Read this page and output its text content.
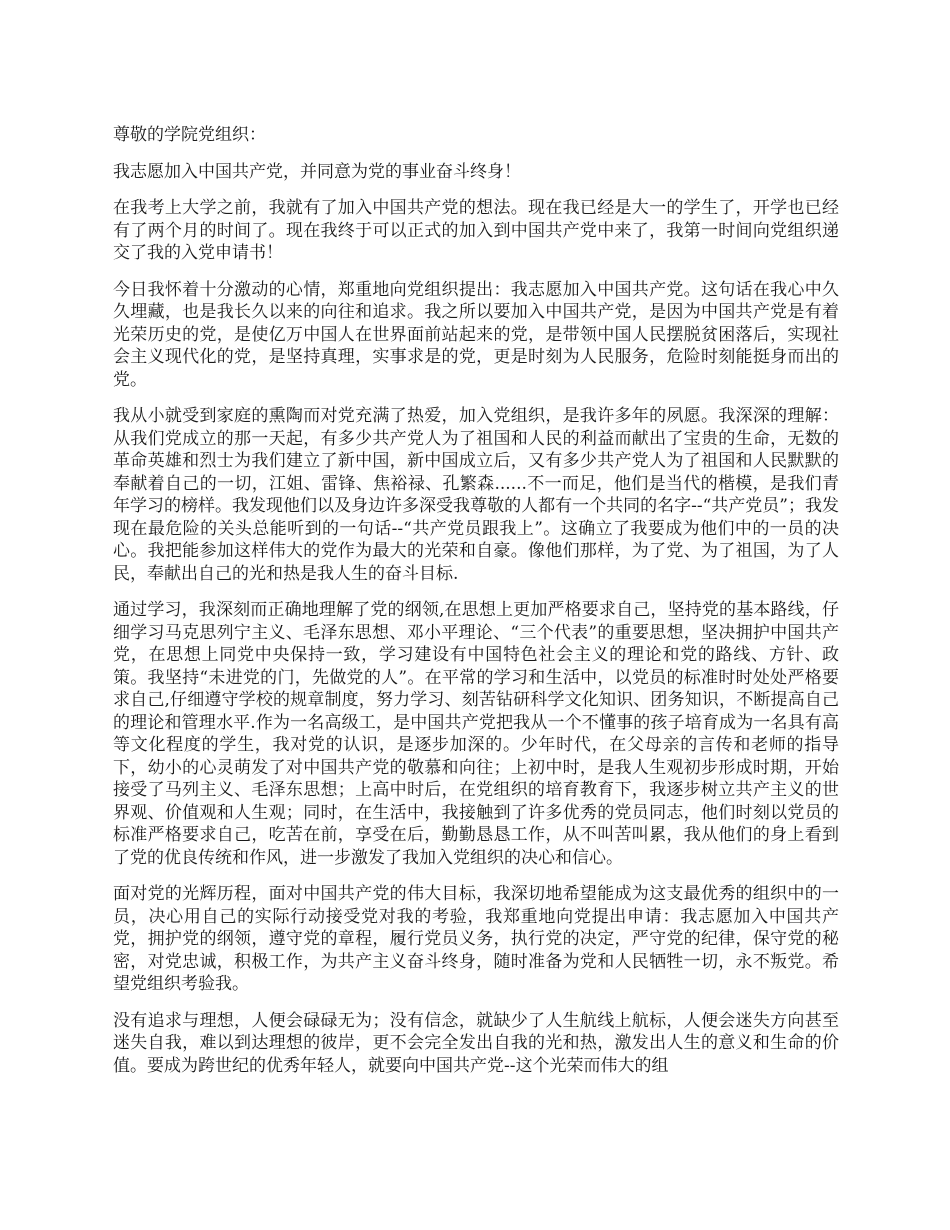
尊敬的学院党组织：

我志愿加入中国共产党，并同意为党的事业奋斗终身！

在我考上大学之前，我就有了加入中国共产党的想法。现在我已经是大一的学生了，开学也已经有了两个月的时间了。现在我终于可以正式的加入到中国共产党中来了，我第一时间向党组织递交了我的入党申请书！

今日我怀着十分激动的心情，郑重地向党组织提出：我志愿加入中国共产党。这句话在我心中久久埋藏，也是我长久以来的向往和追求。我之所以要加入中国共产党，是因为中国共产党是有着光荣历史的党，是使亿万中国人在世界面前站起来的党，是带领中国人民摆脱贫困落后，实现社会主义现代化的党，是坚持真理，实事求是的党，更是时刻为人民服务，危险时刻能挺身而出的党。

我从小就受到家庭的熏陶而对党充满了热爱，加入党组织，是我许多年的夙愿。我深深的理解：从我们党成立的那一天起，有多少共产党人为了祖国和人民的利益而献出了宝贵的生命，无数的革命英雄和烈士为我们建立了新中国，新中国成立后，又有多少共产党人为了祖国和人民默默的奉献着自己的一切，江姐、雷锋、焦裕禄、孔繁森......不一而足，他们是当代的楷模，是我们青年学习的榜样。我发现他们以及身边许多深受我尊敬的人都有一个共同的名字--“共产党员”；我发现在最危险的关头总能听到的一句话--“共产党员跟我上”。这确立了我要成为他们中的一员的决心。我把能参加这样伟大的党作为最大的光荣和自豪。像他们那样，为了党、为了祖国，为了人民，奉献出自己的光和热是我人生的奋斗目标.

通过学习，我深刻而正确地理解了党的纲领,在思想上更加严格要求自己，坚持党的基本路线，仔细学习马克思列宁主义、毛泽东思想、邓小平理论、“三个代表”的重要思想，坚决拥护中国共产党，在思想上同党中央保持一致，学习建设有中国特色社会主义的理论和党的路线、方针、政策。我坚持“未进党的门，先做党的人”。在平常的学习和生活中，以党员的标准时时处处严格要求自己,仔细遵守学校的规章制度，努力学习、刻苦钻研科学文化知识、团务知识，不断提高自己的理论和管理水平.作为一名高级工，是中国共产党把我从一个不懂事的孩子培育成为一名具有高等文化程度的学生，我对党的认识，是逐步加深的。少年时代，在父母亲的言传和老师的指导下，幼小的心灵萌发了对中国共产党的敬慕和向往；上初中时，是我人生观初步形成时期，开始接受了马列主义、毛泽东思想；上高中时后，在党组织的培育教育下，我逐步树立共产主义的世界观、价值观和人生观；同时，在生活中，我接触到了许多优秀的党员同志，他们时刻以党员的标准严格要求自己，吃苦在前，享受在后，勤勤恳恳工作，从不叫苦叫累，我从他们的身上看到了党的优良传统和作风，进一步激发了我加入党组织的决心和信心。

面对党的光辉历程，面对中国共产党的伟大目标，我深切地希望能成为这支最优秀的组织中的一员，决心用自己的实际行动接受党对我的考验，我郑重地向党提出申请：我志愿加入中国共产党，拥护党的纲领，遵守党的章程，履行党员义务，执行党的决定，严守党的纪律，保守党的秘密，对党忠诚，积极工作，为共产主义奋斗终身，随时准备为党和人民牺牲一切，永不叛党。希望党组织考验我。

没有追求与理想，人便会碌碌无为；没有信念，就缺少了人生航线上航标，人便会迷失方向甚至迷失自我，难以到达理想的彼岸，更不会完全发出自我的光和热，激发出人生的意义和生命的价值。要成为跨世纪的优秀年轻人，就要向中国共产党--这个光荣而伟大的组
